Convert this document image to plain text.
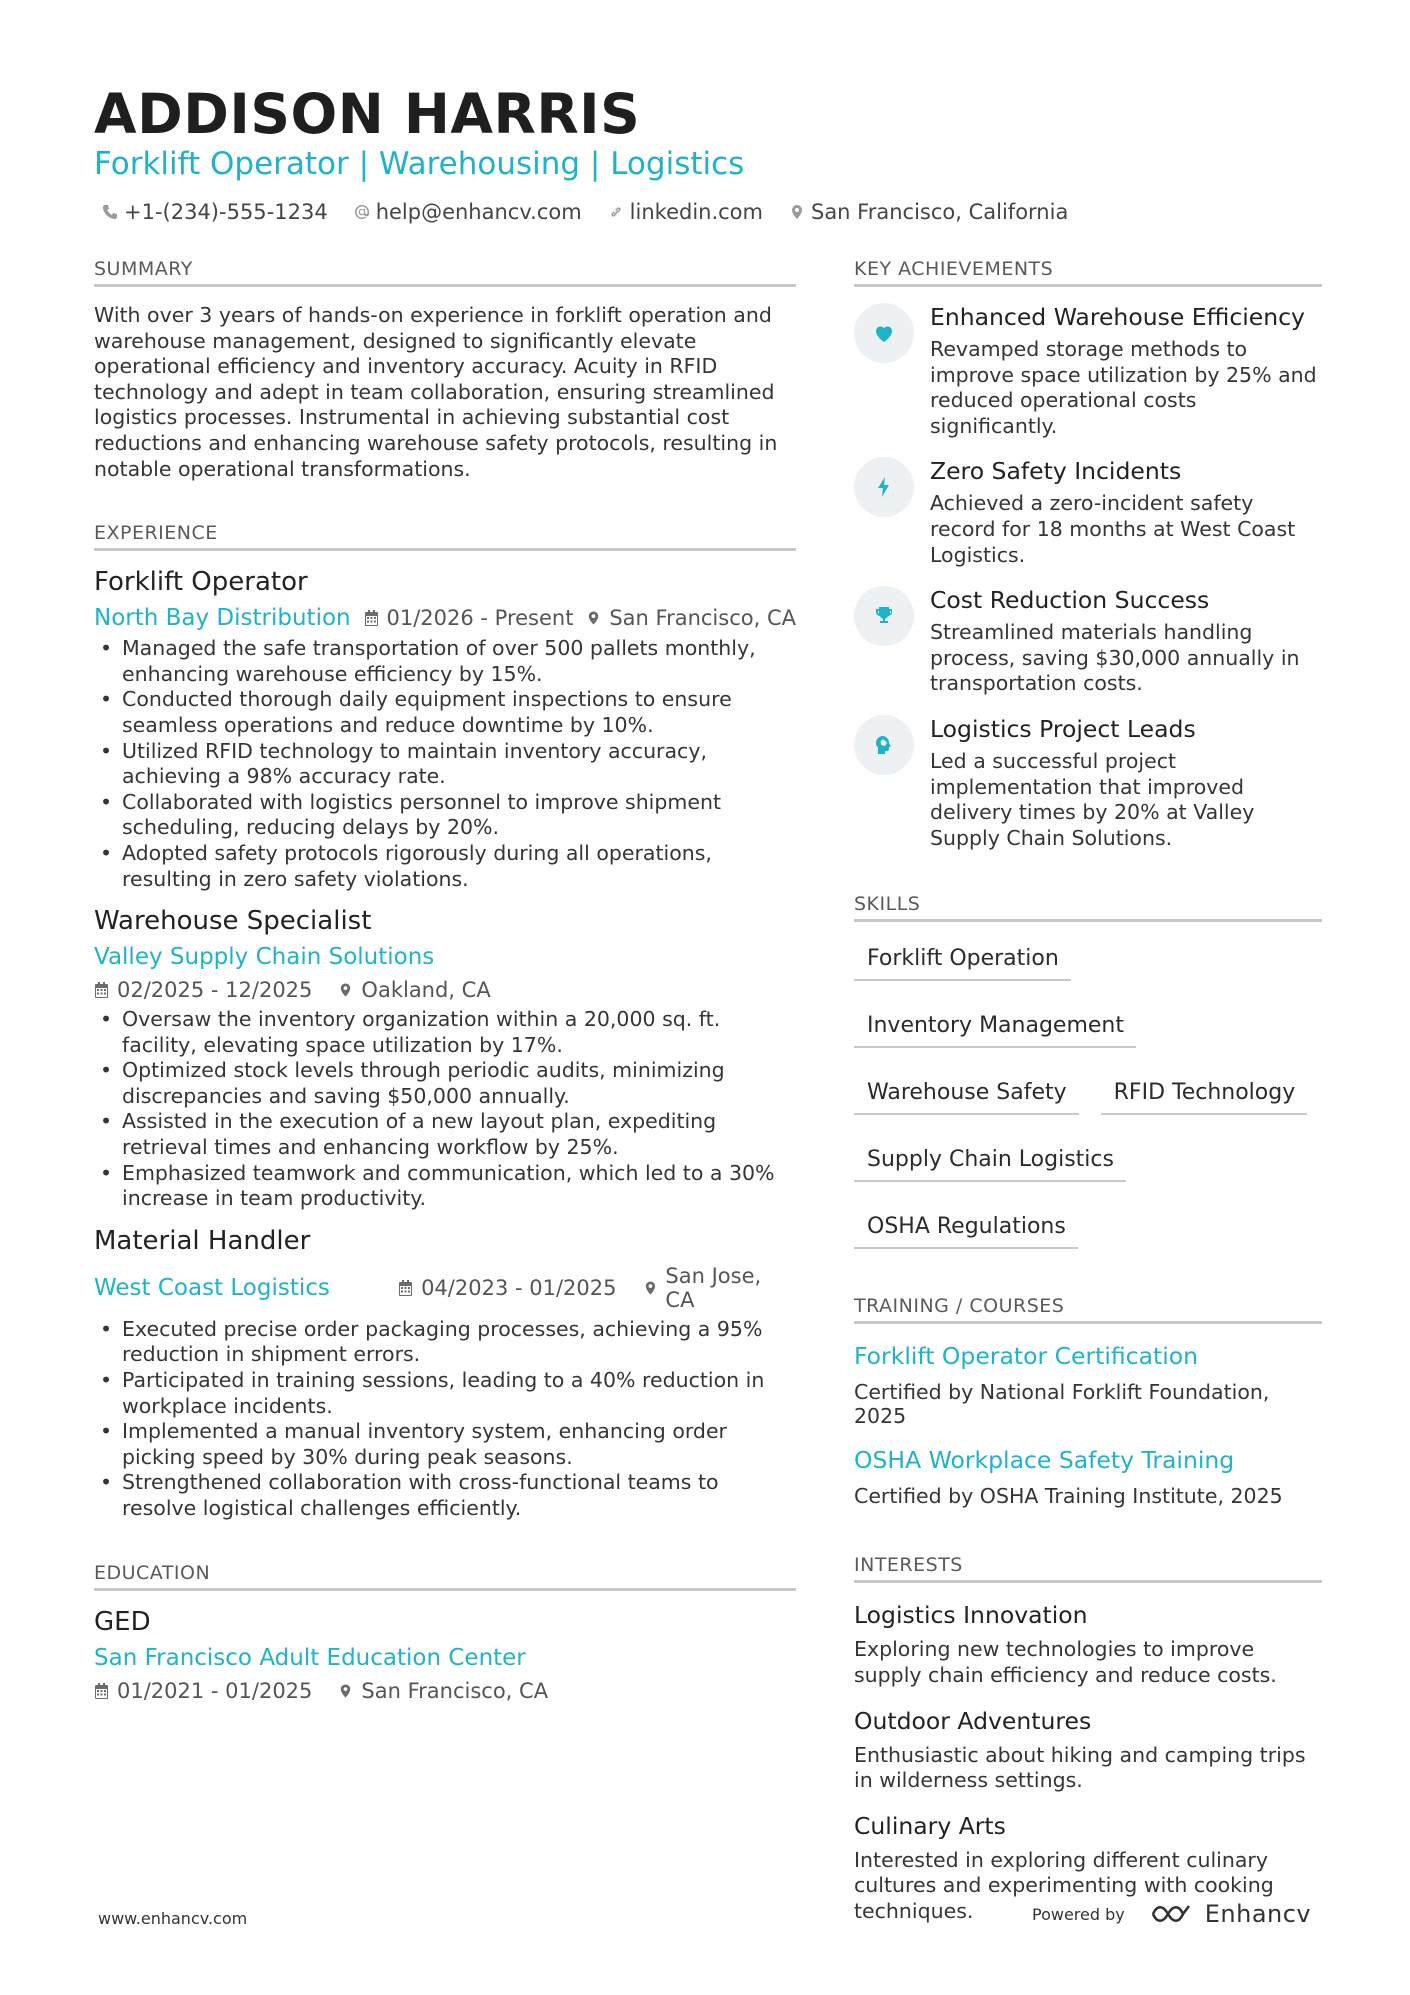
ADDISON HARRIS
Forklift Operator | Warehousing | Logistics
+1-(234)-555-1234 help@enhancv.com linkedin.com San Francisco, California
SUMMARY

With over 3 years of hands-on experience in forklift operation and warehouse management, designed to significantly elevate operational efficiency and inventory accuracy. Acuity in RFID technology and adept in team collaboration, ensuring streamlined logistics processes. Instrumental in achieving substantial cost reductions and enhancing warehouse safety protocols, resulting in notable operational transformations.

EXPERIENCE
Forklift Operator
North Bay Distribution 01/2026 - Present San Francisco, CA
• Managed the safe transportation of over 500 pallets monthly, enhancing warehouse efficiency by 15%.
• Conducted thorough daily equipment inspections to ensure seamless operations and reduce downtime by 10%.
• Utilized RFID technology to maintain inventory accuracy, achieving a 98% accuracy rate.
• Collaborated with logistics personnel to improve shipment scheduling, reducing delays by 20%.
• Adopted safety protocols rigorously during all operations, resulting in zero safety violations.
Warehouse Specialist
Valley Supply Chain Solutions
02/2025 - 12/2025 Oakland, CA
• Oversaw the inventory organization within a 20,000 sq. ft. facility, elevating space utilization by 17%.
• Optimized stock levels through periodic audits, minimizing discrepancies and saving $50,000 annually.
• Assisted in the execution of a new layout plan, expediting retrieval times and enhancing workflow by 25%.
• Emphasized teamwork and communication, which led to a 30% increase in team productivity.
Material Handler
West Coast Logistics	04/2023 - 01/2025 San Jose, CA
• Executed precise order packaging processes, achieving a 95% reduction in shipment errors.
• Participated in training sessions, leading to a 40% reduction in workplace incidents.
• Implemented a manual inventory system, enhancing order picking speed by 30% during peak seasons.
• Strengthened collaboration with cross-functional teams to resolve logistical challenges efficiently.
EDUCATION
GED
San Francisco Adult Education Center
01/2021 - 01/2025 San Francisco, CA
KEY ACHIEVEMENTS
Enhanced Warehouse Efficiency
Revamped storage methods to improve space utilization by 25% and reduced operational costs significantly.
Zero Safety Incidents
Achieved a zero-incident safety record for 18 months at West Coast Logistics.
Cost Reduction Success
Streamlined materials handling process, saving $30,000 annually in transportation costs.
Logistics Project Leads
Led a successful project implementation that improved delivery times by 20% at Valley Supply Chain Solutions.
SKILLS
Forklift Operation
Inventory Management
Warehouse Safety	RFID Technology
Supply Chain Logistics
OSHA Regulations
TRAINING / COURSES
Forklift Operator Certification
Certified by National Forklift Foundation, 2025
OSHA Workplace Safety Training
Certified by OSHA Training Institute, 2025
INTERESTS
Logistics Innovation
Exploring new technologies to improve supply chain efficiency and reduce costs.
Outdoor Adventures
Enthusiastic about hiking and camping trips in wilderness settings.
Culinary Arts
Interested in exploring different culinary cultures and experimenting with cooking techniques.
www.enhancv.com	Powered by	Enhancv
